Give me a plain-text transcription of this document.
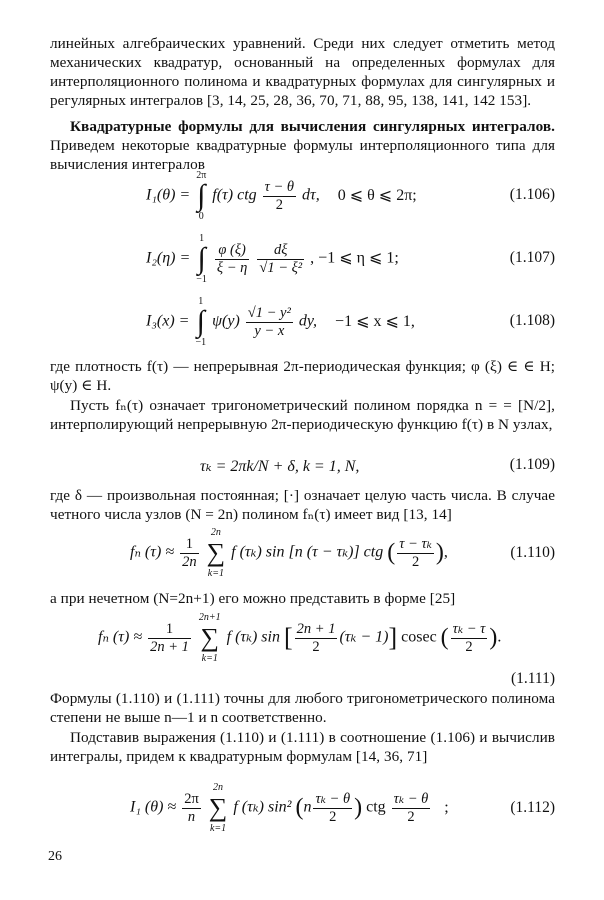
линейных алгебраических уравнений. Среди них следует отметить метод механических квадратур, основанный на определенных формулах для интерполяционного полинома и квадратурных формулах для сингулярных и регулярных интегралов [3, 14, 25, 28, 36, 70, 71, 88, 95, 138, 141, 142 153].
Квадратурные формулы для вычисления сингулярных интегралов. Приведем некоторые квадратурные формулы интерполяционного типа для вычисления интегралов
I₁(θ) =
2π
∫
0
f(τ) ctg $\frac{\tau - \theta}{2} d\tau$, 0 ⩽ θ ⩽ 2π;	(1.106)
I₂(η) =
1
∫
−1

$\frac{\varphi (\xi)}{\xi - \eta}$
$\frac{d\xi}{\text{√1 − ξ²}}$ , −1 ⩽ η ⩽ 1;	(1.107)
I₃(x) =
1
∫
−1
$\psi(y) \frac{\text{√1 − y²}}{y - x}$ dy, −1 ⩽ x ⩽ 1,	(1.108)
где плотность f(τ) — непрерывная 2π-периодическая функция; φ (ξ) ∈ ∈ H; ψ(y) ∈ H.
Пусть fₙ(τ) означает тригонометрический полином порядка n = = [N/2], интерполирующий непрерывную 2π-периодическую функцию f(τ) в N узлах,
τₖ = 2πk/N + δ, k = 1, N,	(1.109)
где δ — произвольная постоянная; [·] означает целую часть числа. В случае четного числа узлов (N = 2n) полином fₙ(τ) имеет вид [13, 14]
fₙ $(\tau) \approx \frac{1}{2n}$

2n
∑
k=1
f (τₖ) sin [n (τ − τₖ)] ctg ( $\frac{\text{τ − τₖ}}{2}$ ),	(1.110)
а при нечетном (N=2n+1) его можно представить в форме [25]
fₙ $(\tau) \approx \frac{1}{2n + 1}$

2n+1
∑
k=1
f (τₖ) sin [ $\frac{2n + 1}{2} (\tau_k - 1)$] cosec ( $\frac{\text{τₖ − τ}}{2}$ ).
(1.111)
Формулы (1.110) и (1.111) точны для любого тригонометрического полинома степени не выше n—1 и n соответственно.
Подставив выражения (1.110) и (1.111) в соотношение (1.106) и вычислив интегралы, придем к квадратурным формулам [14, 36, 71]
I₁ $(\theta) \approx \frac{2\pi}{n}$

2n
∑
k=1
f (τₖ) sin² ($n \frac{\text{τₖ − θ}}{2}$ ) ctg $\frac{\text{τₖ − θ}}{2}$ ;	(1.112)
26
